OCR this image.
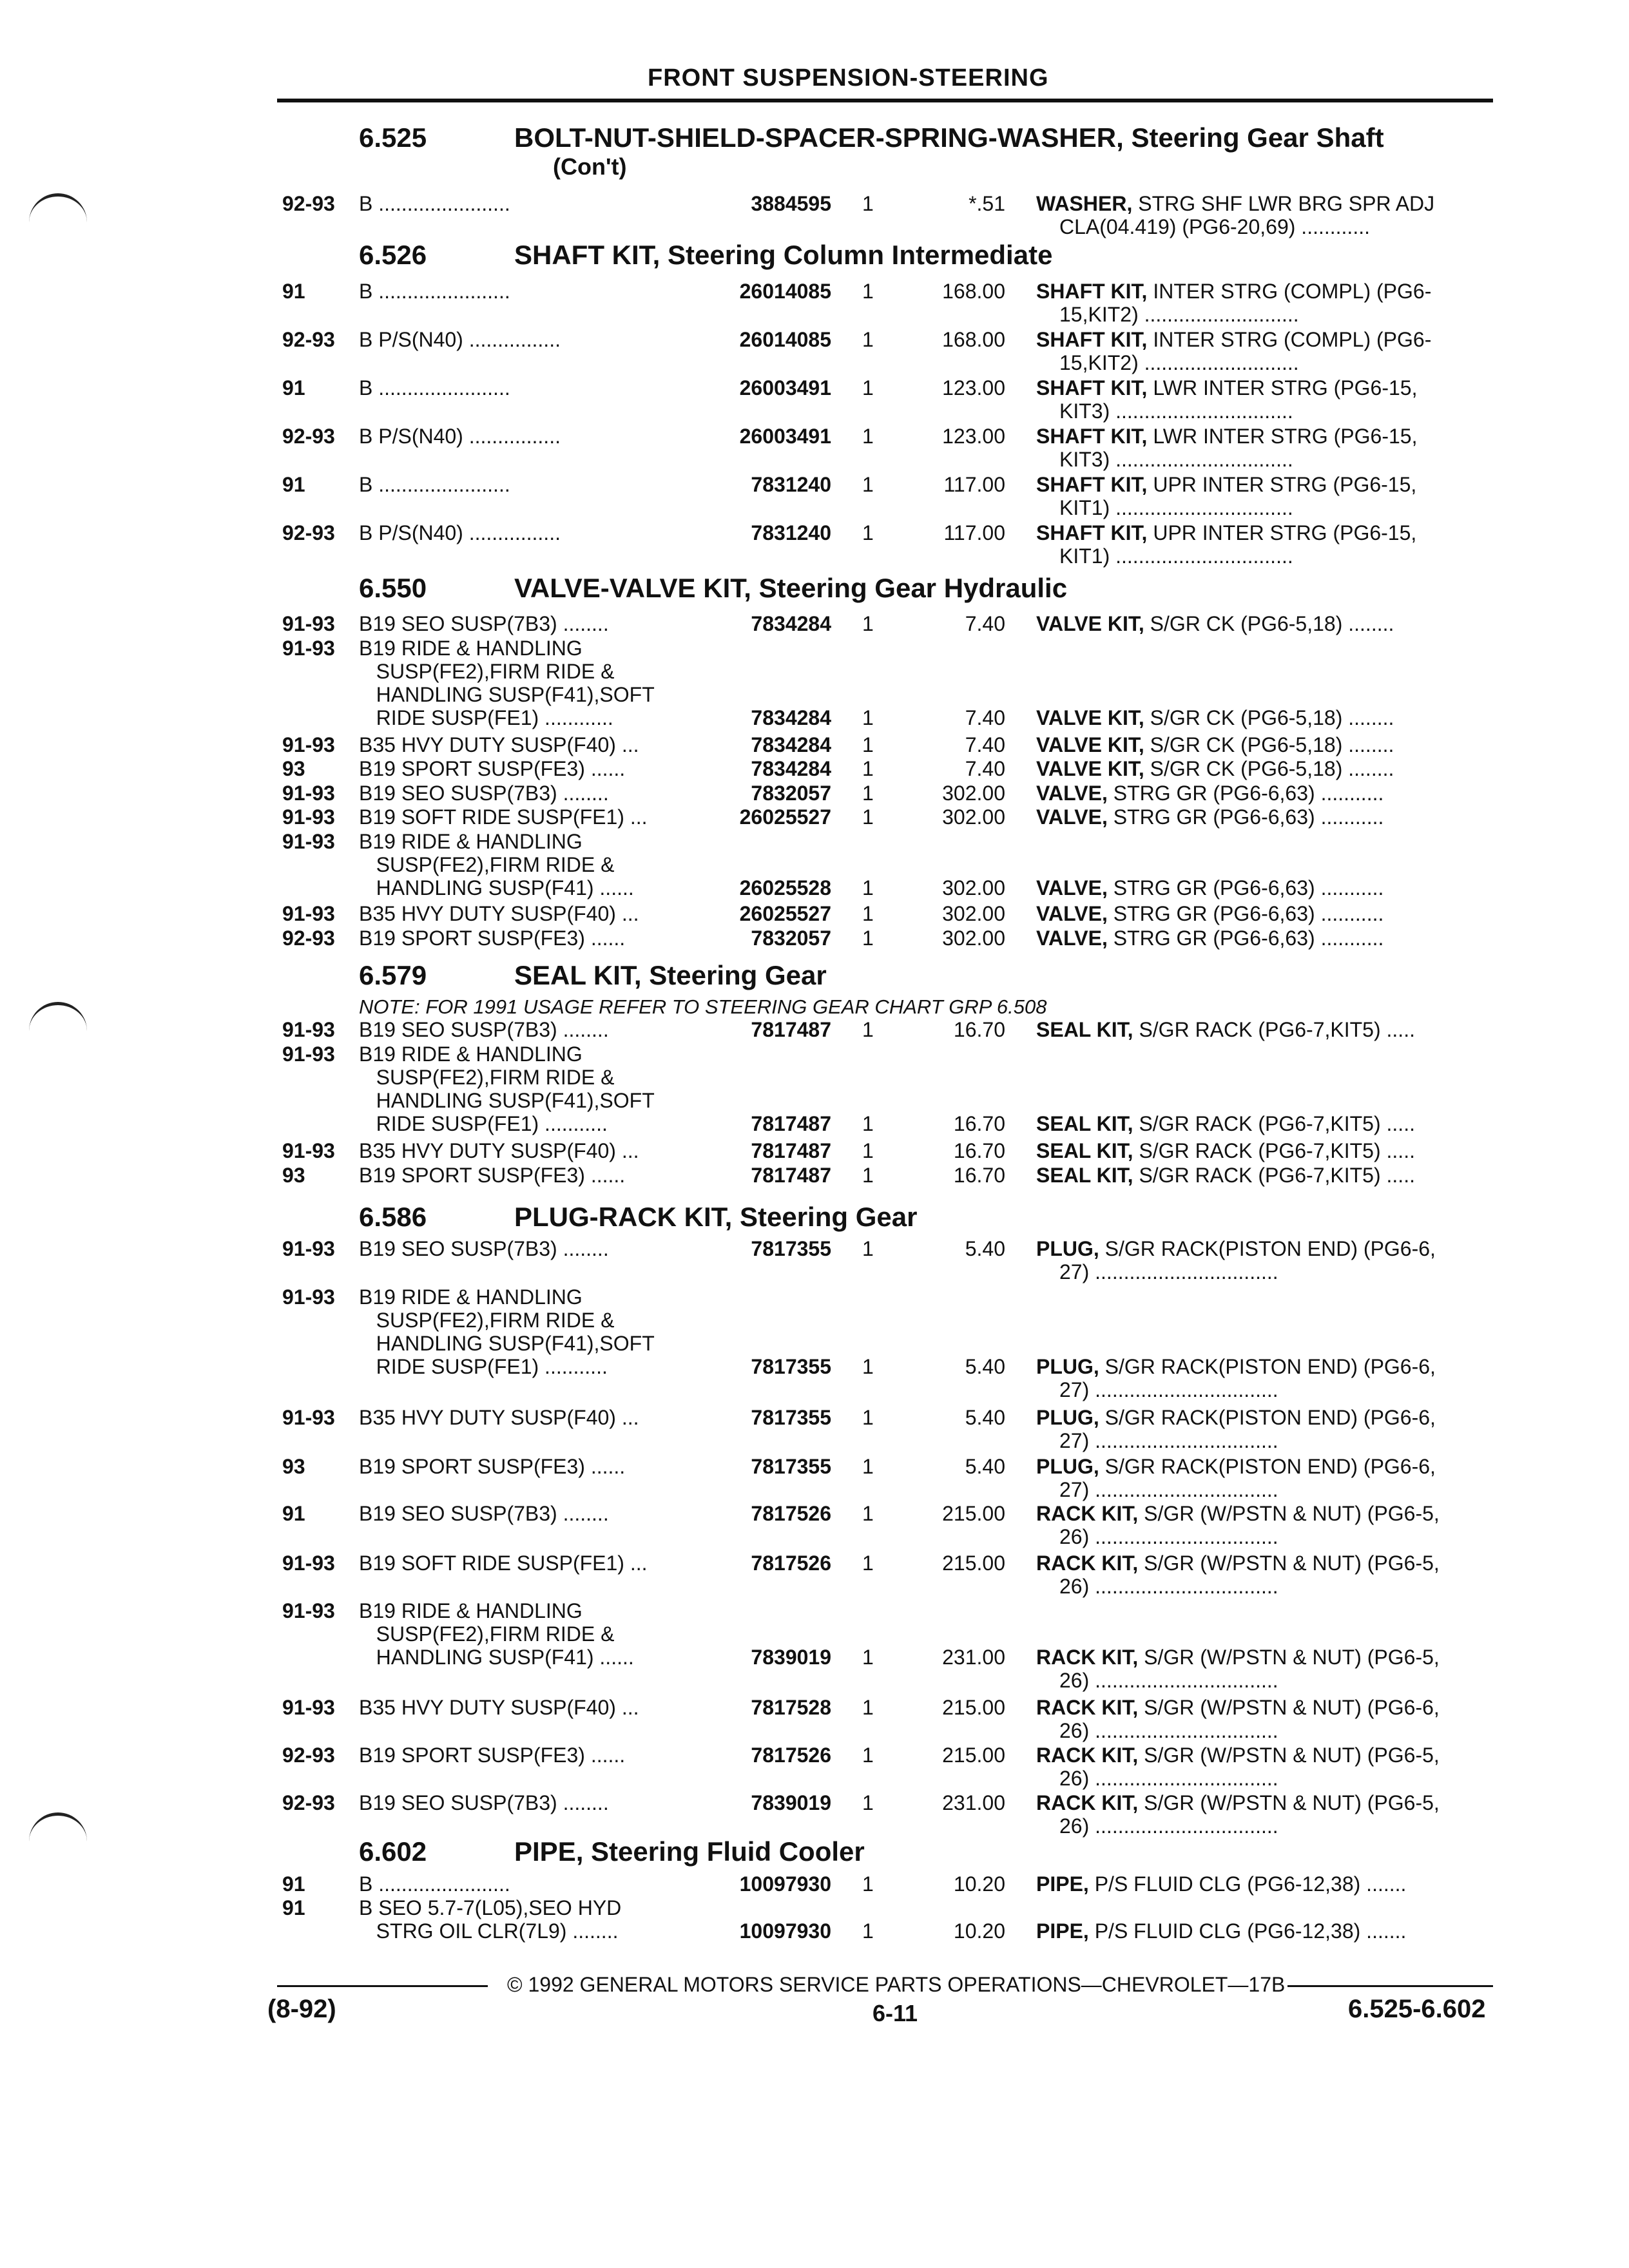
FRONT SUSPENSION-STEERING
6.525	BOLT-NUT-SHIELD-SPACER-SPRING-WASHER, Steering Gear Shaft
(Con't)
92-93 B .......................	3884595 1	*.51 WASHER, STRG SHF LWR BRG SPR ADJ
CLA(04.419) (PG6-20,69) ............
6.526	SHAFT KIT, Steering Column Intermediate
91	B .......................	26014085 1	168.00 SHAFT KIT, INTER STRG (COMPL) (PG6-
15,KIT2) ...........................
92-93 B P/S(N40) ................	26014085 1	168.00 SHAFT KIT, INTER STRG (COMPL) (PG6-
15,KIT2) ...........................
91	B .......................	26003491 1	123.00 SHAFT KIT, LWR INTER STRG (PG6-15,
KIT3) ...............................
92-93 B P/S(N40) ................	26003491 1	123.00 SHAFT KIT, LWR INTER STRG (PG6-15,
KIT3) ...............................
91	B .......................	7831240 1	117.00 SHAFT KIT, UPR INTER STRG (PG6-15,
KIT1) ...............................
92-93 B P/S(N40) ................	7831240 1	117.00 SHAFT KIT, UPR INTER STRG (PG6-15,
KIT1) ...............................
6.550	VALVE-VALVE KIT, Steering Gear Hydraulic
91-93 B19 SEO SUSP(7B3) ........	7834284 1	7.40 VALVE KIT, S/GR CK (PG6-5,18) ........
91-93 B19 RIDE & HANDLING
SUSP(FE2),FIRM RIDE &
HANDLING SUSP(F41),SOFT
RIDE SUSP(FE1) ............	7834284 1	7.40 VALVE KIT, S/GR CK (PG6-5,18) ........
91-93 B35 HVY DUTY SUSP(F40) ...	7834284 1	7.40 VALVE KIT, S/GR CK (PG6-5,18) ........
93	B19 SPORT SUSP(FE3) ......	7834284 1	7.40 VALVE KIT, S/GR CK (PG6-5,18) ........
91-93 B19 SEO SUSP(7B3) ........	7832057 1	302.00 VALVE, STRG GR (PG6-6,63) ...........
91-93 B19 SOFT RIDE SUSP(FE1) ...	26025527 1	302.00 VALVE, STRG GR (PG6-6,63) ...........
91-93 B19 RIDE & HANDLING
SUSP(FE2),FIRM RIDE &
HANDLING SUSP(F41) ......	26025528 1	302.00 VALVE, STRG GR (PG6-6,63) ...........
91-93 B35 HVY DUTY SUSP(F40) ...	26025527 1	302.00 VALVE, STRG GR (PG6-6,63) ...........
92-93 B19 SPORT SUSP(FE3) ......	7832057 1	302.00 VALVE, STRG GR (PG6-6,63) ...........
6.579	SEAL KIT, Steering Gear
NOTE: FOR 1991 USAGE REFER TO STEERING GEAR CHART GRP 6.508
91-93 B19 SEO SUSP(7B3) ........	7817487 1	16.70 SEAL KIT, S/GR RACK (PG6-7,KIT5) .....
91-93 B19 RIDE & HANDLING
SUSP(FE2),FIRM RIDE &
HANDLING SUSP(F41),SOFT
RIDE SUSP(FE1) ...........	7817487 1	16.70 SEAL KIT, S/GR RACK (PG6-7,KIT5) .....
91-93 B35 HVY DUTY SUSP(F40) ...	7817487 1	16.70 SEAL KIT, S/GR RACK (PG6-7,KIT5) .....
93	B19 SPORT SUSP(FE3) ......	7817487 1	16.70 SEAL KIT, S/GR RACK (PG6-7,KIT5) .....
6.586	PLUG-RACK KIT, Steering Gear
91-93 B19 SEO SUSP(7B3) ........	7817355 1	5.40 PLUG, S/GR RACK(PISTON END) (PG6-6,
27) ................................
91-93 B19 RIDE & HANDLING
SUSP(FE2),FIRM RIDE &
HANDLING SUSP(F41),SOFT
RIDE SUSP(FE1) ...........	7817355 1	5.40 PLUG, S/GR RACK(PISTON END) (PG6-6,
27) ................................
91-93 B35 HVY DUTY SUSP(F40) ...	7817355 1	5.40 PLUG, S/GR RACK(PISTON END) (PG6-6,
27) ................................
93	B19 SPORT SUSP(FE3) ......	7817355 1	5.40 PLUG, S/GR RACK(PISTON END) (PG6-6,
27) ................................
91	B19 SEO SUSP(7B3) ........	7817526 1	215.00 RACK KIT, S/GR (W/PSTN & NUT) (PG6-5,
26) ................................
91-93 B19 SOFT RIDE SUSP(FE1) ...	7817526 1	215.00 RACK KIT, S/GR (W/PSTN & NUT) (PG6-5,
26) ................................
91-93 B19 RIDE & HANDLING
SUSP(FE2),FIRM RIDE &
HANDLING SUSP(F41) ......	7839019 1	231.00 RACK KIT, S/GR (W/PSTN & NUT) (PG6-5,
26) ................................
91-93 B35 HVY DUTY SUSP(F40) ...	7817528 1	215.00 RACK KIT, S/GR (W/PSTN & NUT) (PG6-6,
26) ................................
92-93 B19 SPORT SUSP(FE3) ......	7817526 1	215.00 RACK KIT, S/GR (W/PSTN & NUT) (PG6-5,
26) ................................
92-93 B19 SEO SUSP(7B3) ........	7839019 1	231.00 RACK KIT, S/GR (W/PSTN & NUT) (PG6-5,
26) ................................
6.602	PIPE, Steering Fluid Cooler
91	B .......................	10097930 1	10.20 PIPE, P/S FLUID CLG (PG6-12,38) .......
91	B SEO 5.7-7(L05),SEO HYD
STRG OIL CLR(7L9) ........	10097930 1	10.20 PIPE, P/S FLUID CLG (PG6-12,38) .......
© 1992 GENERAL MOTORS SERVICE PARTS OPERATIONS—CHEVROLET—17B
(8-92)	6-11	6.525-6.602
